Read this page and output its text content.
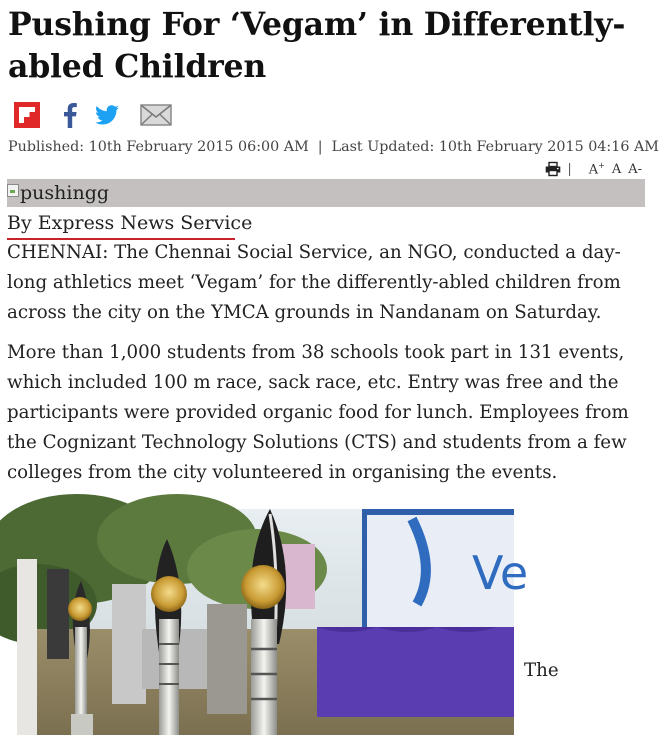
Pushing For ‘Vegam’ in Differently-abled Children
Published: 10th February 2015 06:00 AM | Last Updated: 10th February 2015 04:16 AM
| A+ A A-
pushingg
By Express News Service

CHENNAI: The Chennai Social Service, an NGO, conducted a day-long athletics meet ‘Vegam’ for the differently-abled children from across the city on the YMCA grounds in Nandanam on Saturday.

More than 1,000 students from 38 schools took part in 131 events, which included 100 m race, sack race, etc. Entry was free and the participants were provided organic food for lunch. Employees from the Cognizant Technology Solutions (CTS) and students from a few colleges from the city volunteered in organising the events.

Ve
The
